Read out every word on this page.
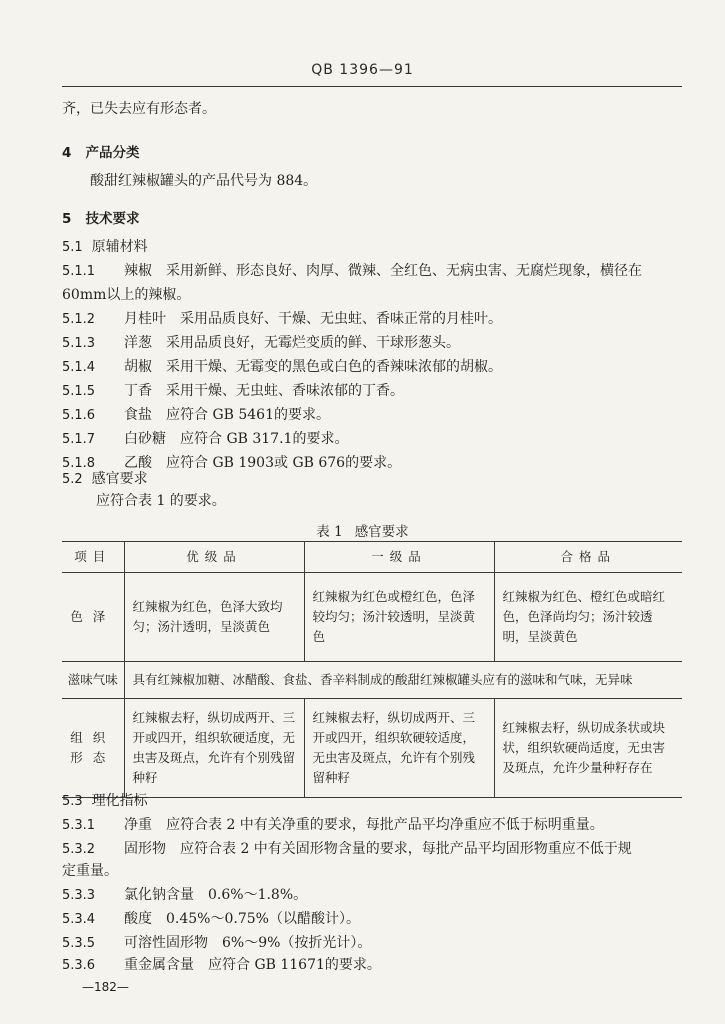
QB 1396—91
齐，已失去应有形态者。
4 产品分类
酸甜红辣椒罐头的产品代号为 884。
5 技术要求
5.1 原辅材料
5.1.1 辣椒　采用新鲜、形态良好、肉厚、微辣、全红色、无病虫害、无腐烂现象，横径在
60mm以上的辣椒。
5.1.2 月桂叶　采用品质良好、干燥、无虫蛀、香味正常的月桂叶。
5.1.3 洋葱　采用品质良好，无霉烂变质的鲜、干球形葱头。
5.1.4 胡椒　采用干燥、无霉变的黑色或白色的香辣味浓郁的胡椒。
5.1.5 丁香　采用干燥、无虫蛀、香味浓郁的丁香。
5.1.6 食盐　应符合 GB 5461的要求。
5.1.7 白砂糖　应符合 GB 317.1的要求。
5.1.8 乙酸　应符合 GB 1903或 GB 676的要求。
5.2 感官要求
应符合表 1 的要求。
表 1 感官要求
项目	优级品	一级品	合格品
色泽	红辣椒为红色，色泽大致均匀；汤汁透明，呈淡黄色	红辣椒为红色或橙红色，色泽较均匀；汤汁较透明，呈淡黄色	红辣椒为红色、橙红色或暗红色，色泽尚均匀；汤汁较透明，呈淡黄色
滋味气味	具有红辣椒加糖、冰醋酸、食盐、香辛料制成的酸甜红辣椒罐头应有的滋味和气味，无异味		
组织形态	红辣椒去籽，纵切成两开、三开或四开，组织软硬适度，无虫害及斑点，允许有个别残留种籽	红辣椒去籽，纵切成两开、三开或四开，组织软硬较适度，无虫害及斑点，允许有个别残留种籽	红辣椒去籽，纵切成条状或块状，组织软硬尚适度，无虫害及斑点，允许少量种籽存在
5.3 理化指标
5.3.1 净重　应符合表 2 中有关净重的要求，每批产品平均净重应不低于标明重量。
5.3.2 固形物　应符合表 2 中有关固形物含量的要求，每批产品平均固形物重应不低于规
定重量。
5.3.3 氯化钠含量　0.6%～1.8%。
5.3.4 酸度　0.45%～0.75%（以醋酸计）。
5.3.5 可溶性固形物　6%～9%（按折光计）。
5.3.6 重金属含量　应符合 GB 11671的要求。
—182—
